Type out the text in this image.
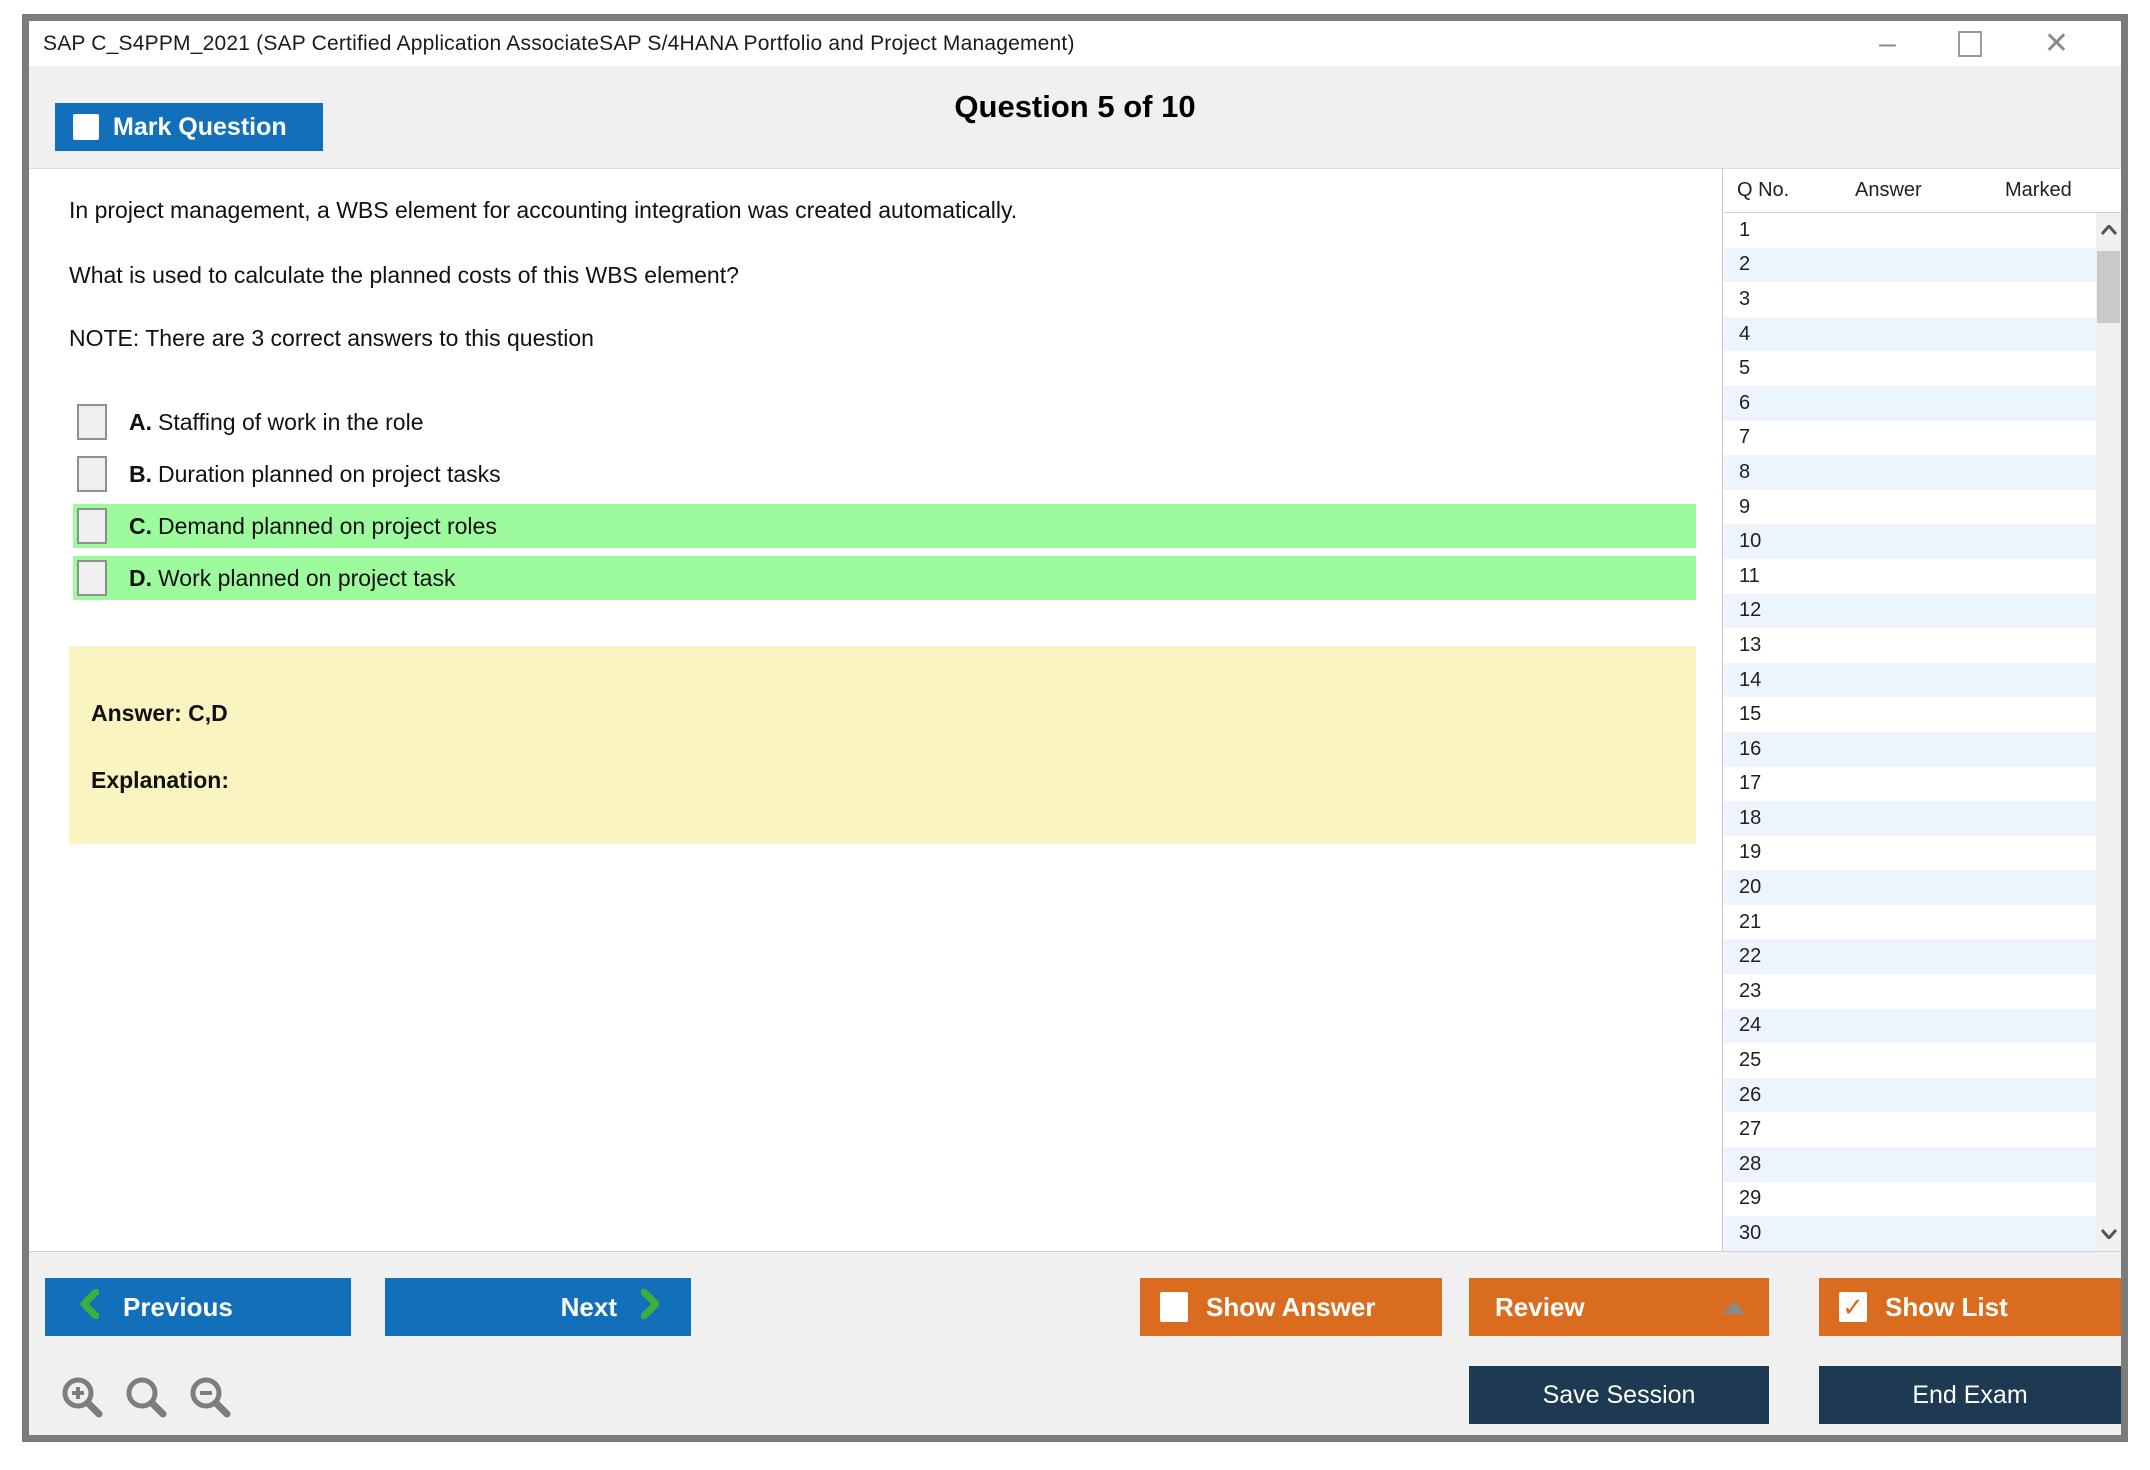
SAP C_S4PPM_2021 (SAP Certified Application AssociateSAP S/4HANA Portfolio and Project Management)	–	✕
Mark Question
Question 5 of 10

In project management, a WBS element for accounting integration was created automatically.

What is used to calculate the planned costs of this WBS element?

NOTE: There are 3 correct answers to this question

A. Staffing of work in the role
B. Duration planned on project tasks
C. Demand planned on project roles
D. Work planned on project task
Answer: C,D
Explanation:
Q No.	Answer	Marked
1
2
3
4
5
6
7
8
9
10
11
12
13
14
15
16
17
18
19
20
21
22
23
24
25
26
27
28
29
30
Previous	Next	Show Answer	Review	✓ Show List
Save Session	End Exam
